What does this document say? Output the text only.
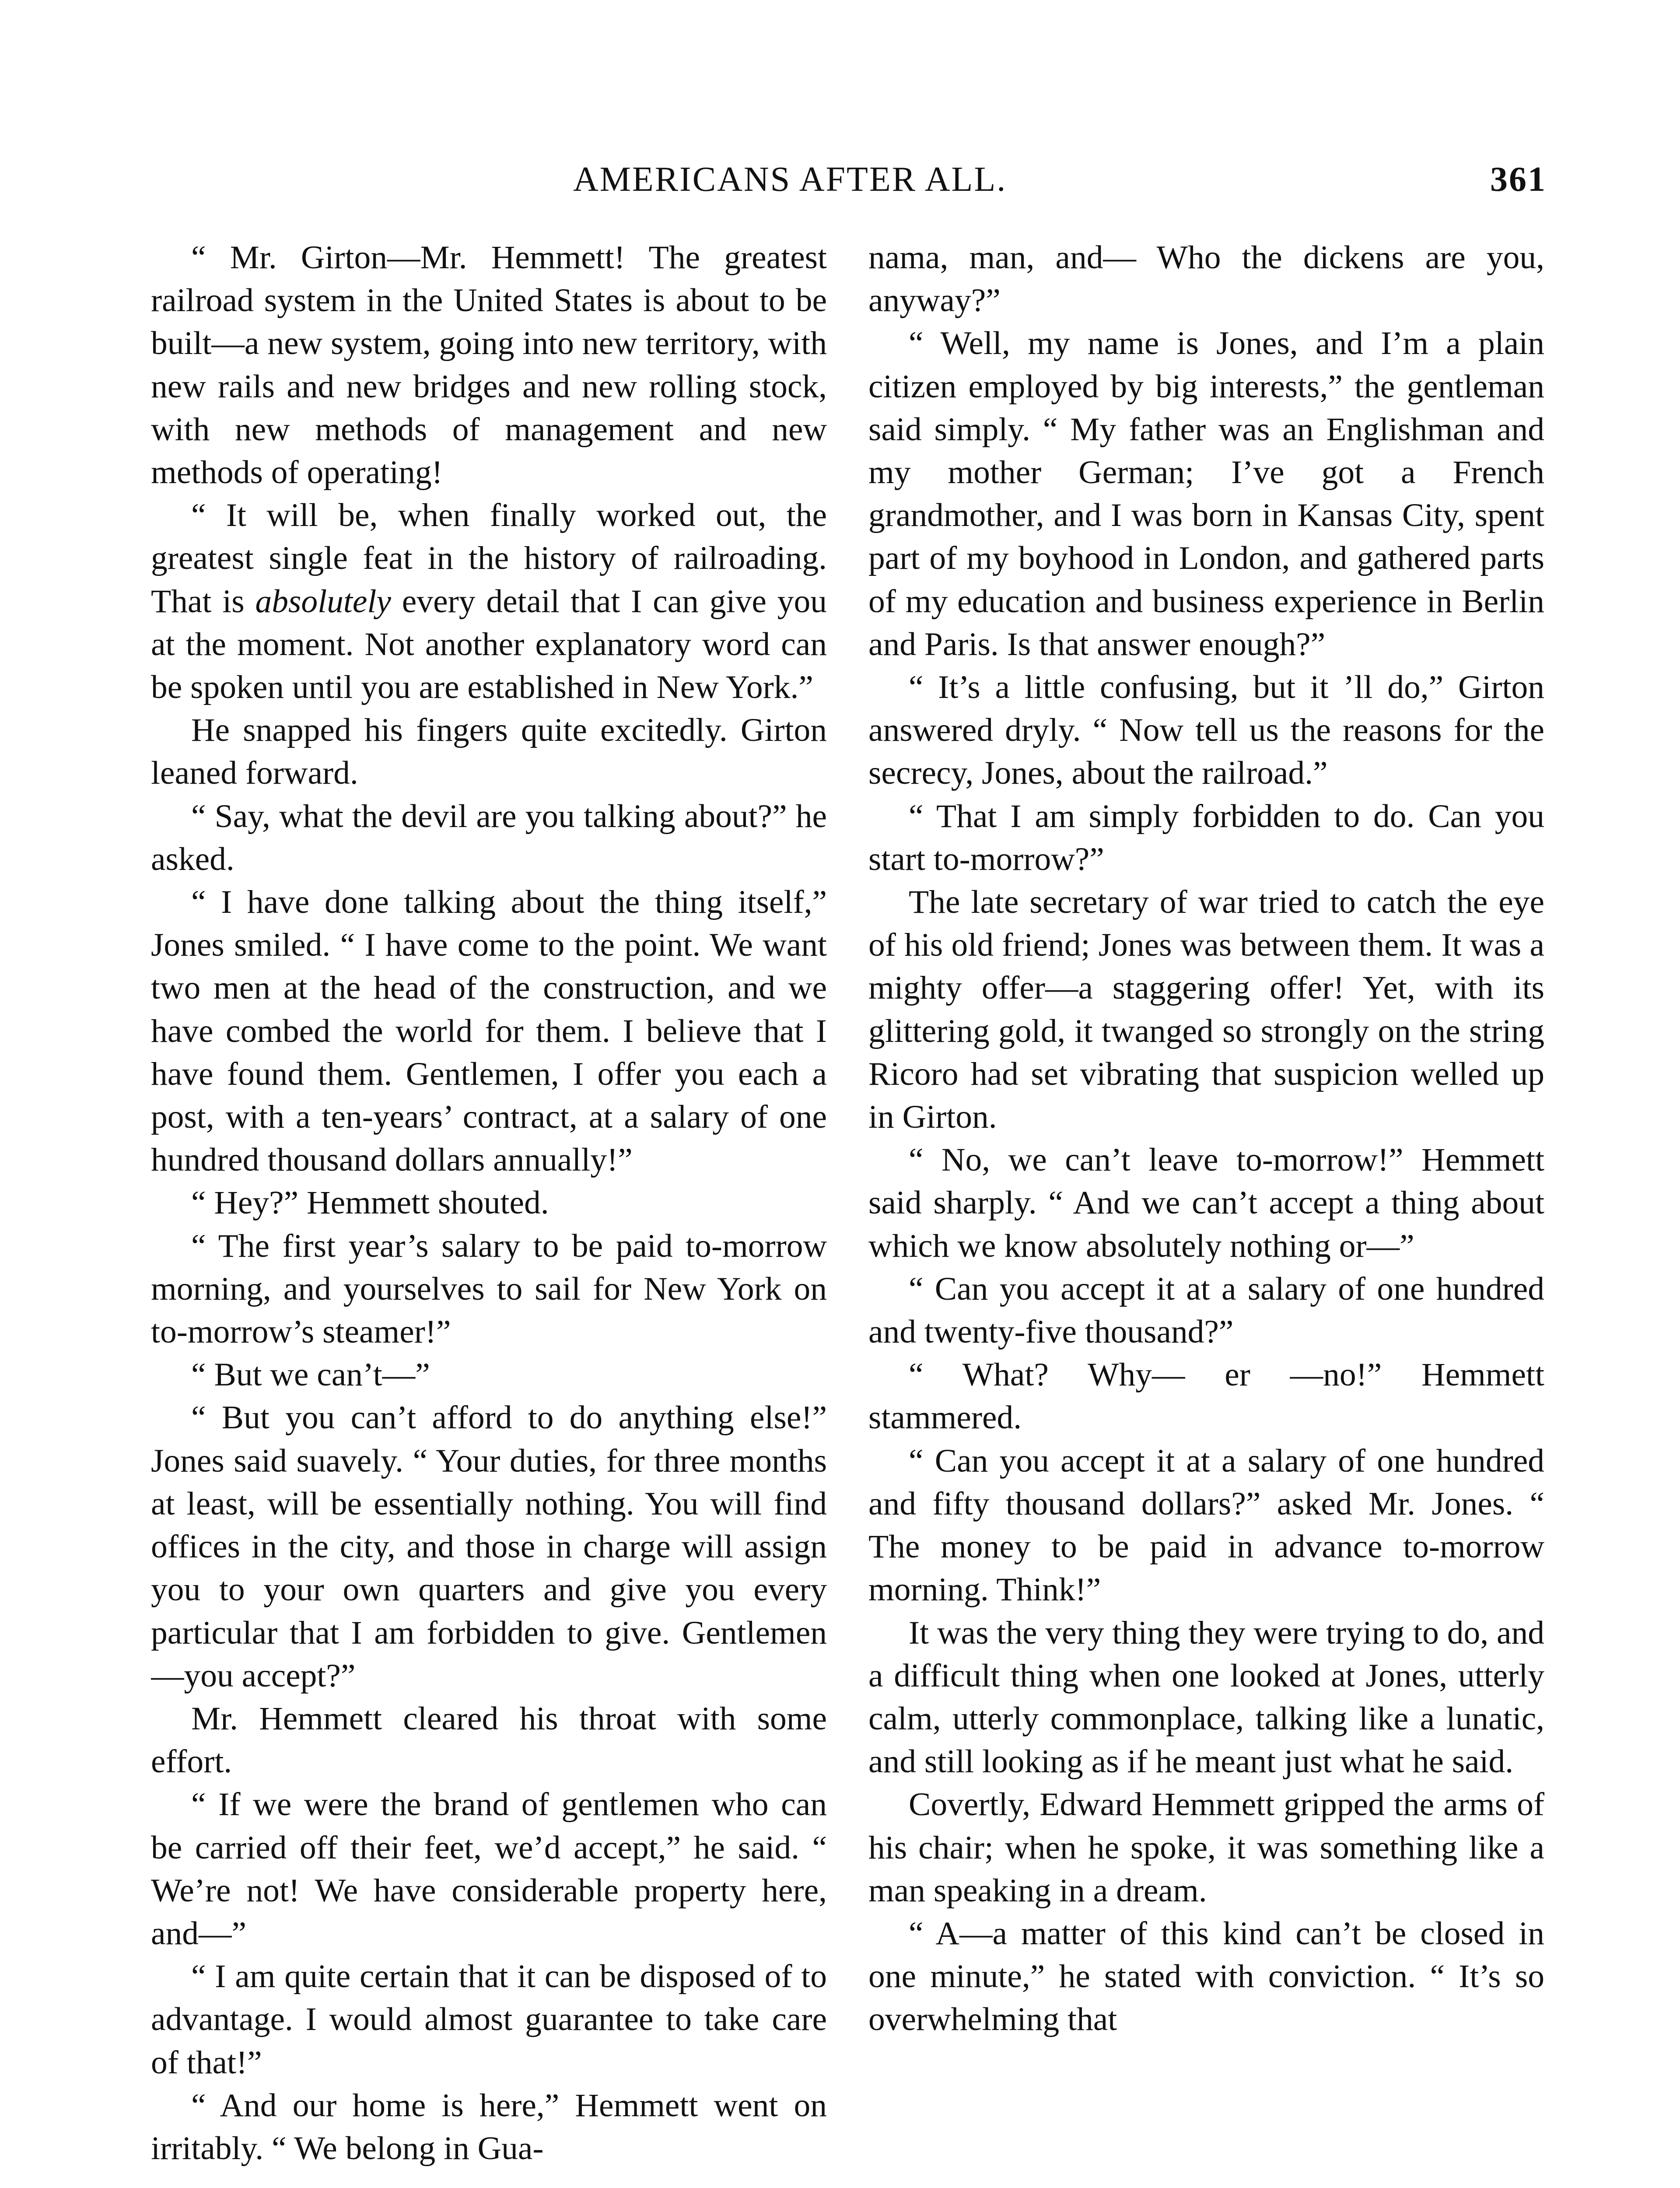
AMERICANS AFTER ALL.	361

“ Mr. Girton—Mr. Hemmett! The greatest railroad system in the United States is about to be built—a new system, going into new territory, with new rails and new bridges and new rolling stock, with new methods of management and new methods of operating!

“ It will be, when finally worked out, the greatest single feat in the history of railroading. That is absolutely every detail that I can give you at the moment. Not another explanatory word can be spoken until you are established in New York.”

He snapped his fingers quite excitedly. Girton leaned forward.

“ Say, what the devil are you talking about?” he asked.

“ I have done talking about the thing itself,” Jones smiled. “ I have come to the point. We want two men at the head of the construction, and we have combed the world for them. I believe that I have found them. Gentlemen, I offer you each a post, with a ten-years’ contract, at a salary of one hundred thousand dollars annually!”

“ Hey?” Hemmett shouted.

“ The first year’s salary to be paid to-morrow morning, and yourselves to sail for New York on to-morrow’s steamer!”

“ But we can’t—”

“ But you can’t afford to do anything else!” Jones said suavely. “ Your duties, for three months at least, will be essentially nothing. You will find offices in the city, and those in charge will assign you to your own quarters and give you every particular that I am forbidden to give. Gentlemen—you accept?”

Mr. Hemmett cleared his throat with some effort.

“ If we were the brand of gentlemen who can be carried off their feet, we’d accept,” he said. “ We’re not! We have considerable property here, and—”

“ I am quite certain that it can be disposed of to advantage. I would almost guarantee to take care of that!”

“ And our home is here,” Hemmett went on irritably. “ We belong in Gua-

nama, man, and— Who the dickens are you, anyway?”

“ Well, my name is Jones, and I’m a plain citizen employed by big interests,” the gentleman said simply. “ My father was an Englishman and my mother German; I’ve got a French grandmother, and I was born in Kansas City, spent part of my boyhood in London, and gathered parts of my education and business experience in Berlin and Paris. Is that answer enough?”

“ It’s a little confusing, but it ’ll do,” Girton answered dryly. “ Now tell us the reasons for the secrecy, Jones, about the railroad.”

“ That I am simply forbidden to do. Can you start to-morrow?”

The late secretary of war tried to catch the eye of his old friend; Jones was between them. It was a mighty offer—a staggering offer! Yet, with its glittering gold, it twanged so strongly on the string Ricoro had set vibrating that suspicion welled up in Girton.

“ No, we can’t leave to-morrow!” Hemmett said sharply. “ And we can’t accept a thing about which we know absolutely nothing or—”

“ Can you accept it at a salary of one hundred and twenty-five thousand?”

“ What? Why— er —no!” Hemmett stammered.

“ Can you accept it at a salary of one hundred and fifty thousand dollars?” asked Mr. Jones. “ The money to be paid in advance to-morrow morning. Think!”

It was the very thing they were trying to do, and a difficult thing when one looked at Jones, utterly calm, utterly commonplace, talking like a lunatic, and still looking as if he meant just what he said.

Covertly, Edward Hemmett gripped the arms of his chair; when he spoke, it was something like a man speaking in a dream.

“ A—a matter of this kind can’t be closed in one minute,” he stated with conviction. “ It’s so overwhelming that
